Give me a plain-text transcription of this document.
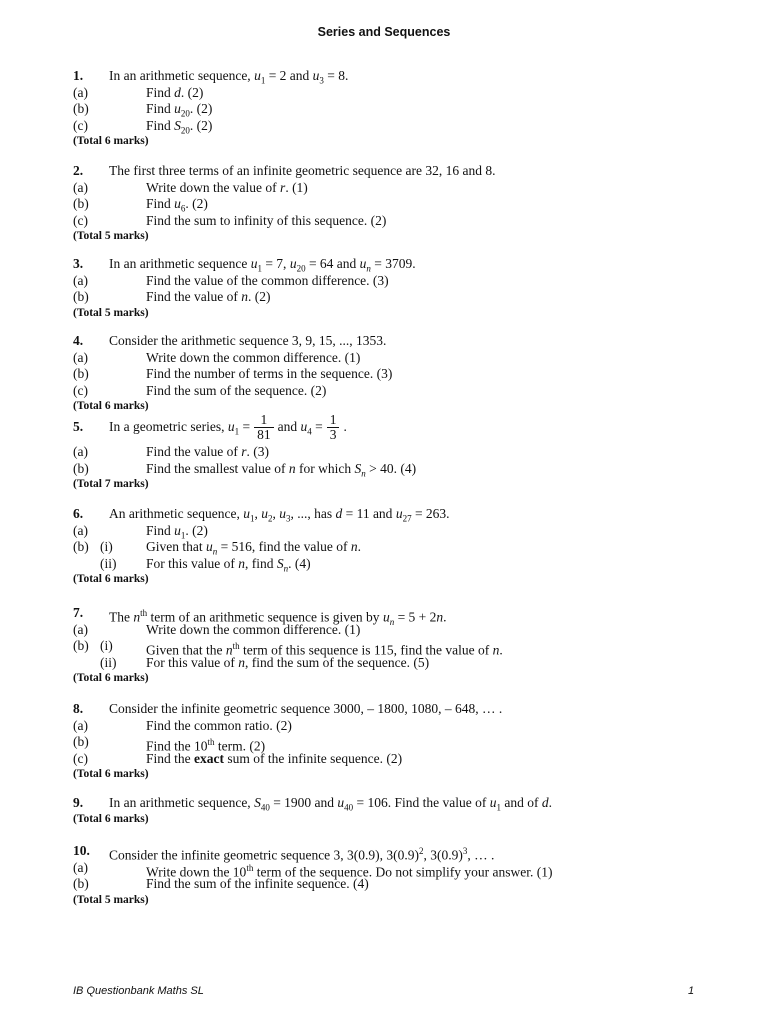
Series and Sequences
1. In an arithmetic sequence, $u_1 = 2$ and $u_3 = 8$.
(a)	Find d. (2)
(b)	Find $u_{20}$. (2)
(c)	Find $S_{20}$. (2)
(Total 6 marks)
2. The first three terms of an infinite geometric sequence are 32, 16 and 8.
(a)	Write down the value of r. (1)
(b)	Find $u_6$. (2)
(c)	Find the sum to infinity of this sequence. (2)
(Total 5 marks)
3. In an arithmetic sequence $u_1 = 7$, $u_{20} = 64$ and $u_n = 3709$.
(a)	Find the value of the common difference. (3)
(b)	Find the value of n. (2)
(Total 5 marks)
4. Consider the arithmetic sequence 3, 9, 15, ..., 1353.
(a)	Write down the common difference. (1)
(b)	Find the number of terms in the sequence. (3)
(c)	Find the sum of the sequence. (2)
(Total 6 marks)
5. In a geometric series, $u_1 = \frac{1}{81}$ and $u_4 = \frac{1}{3}$ .
(a)	Find the value of r. (3)
(b)	Find the smallest value of n for which $S_n > 40$. (4)
(Total 7 marks)
6. An arithmetic sequence, $u_1$, $u_2$, $u_3$, ..., has d = 11 and $u_{27} = 263$.
(a)	Find $u_1$. (2)
(b) (i) Given that $u_n = 516$, find the value of n.
(ii) For this value of n, find $S_n$. (4)
(Total 6 marks)
7. The $n^{th}$ term of an arithmetic sequence is given by $u_n = 5 + 2n$.
(a)	Write down the common difference. (1)
(b) (i) Given that the $n^{th}$ term of this sequence is 115, find the value of n.
(ii) For this value of n, find the sum of the sequence. (5)
(Total 6 marks)
8. Consider the infinite geometric sequence 3000, – 1800, 1080, – 648, … .
(a)	Find the common ratio. (2)
(b)	Find the 10th term. (2)
(c)	Find the exact sum of the infinite sequence. (2)
(Total 6 marks)
9. In an arithmetic sequence, $S_{40} = 1900$ and $u_{40} = 106$. Find the value of $u_1$ and of d.
(Total 6 marks)
10. Consider the infinite geometric sequence 3, 3(0.9), $3(0.9)^2$, $3(0.9)^3$, … .
(a)	Write down the 10th term of the sequence. Do not simplify your answer. (1)
(b)	Find the sum of the infinite sequence. (4)
(Total 5 marks)
IB Questionbank Maths SL	1
